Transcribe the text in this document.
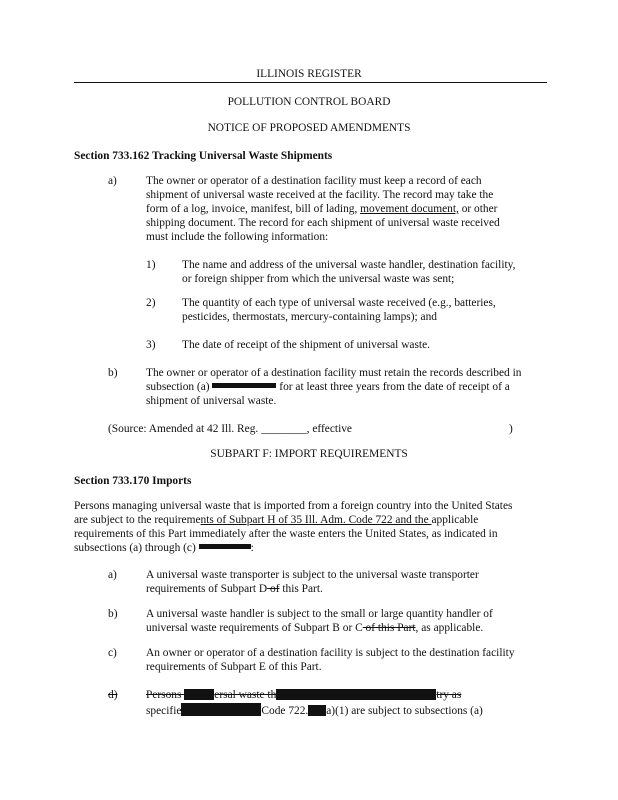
ILLINOIS REGISTER
POLLUTION CONTROL BOARD
NOTICE OF PROPOSED AMENDMENTS
Section 733.162 Tracking Universal Waste Shipments
a)	The owner or operator of a destination facility must keep a record of each
shipment of universal waste received at the facility. The record may take the
form of a log, invoice, manifest, bill of lading, movement document, or other
shipping document. The record for each shipment of universal waste received
must include the following information:
1) The name and address of the universal waste handler, destination facility,
or foreign shipper from which the universal waste was sent;
2) The quantity of each type of universal waste received (e.g., batteries,
pesticides, thermostats, mercury-containing lamps); and
3) The date of receipt of the shipment of universal waste.
b)	The owner or operator of a destination facility must retain the records described in
subsection (a)	for at least three years from the date of receipt of a
shipment of universal waste.
(Source: Amended at 42 Ill. Reg. ________, effective	)
SUBPART F: IMPORT REQUIREMENTS
Section 733.170 Imports
Persons managing universal waste that is imported from a foreign country into the United States
are subject to the requirements of Subpart H of 35 Ill. Adm. Code 722 and the applicable
requirements of this Part immediately after the waste enters the United States, as indicated in
subsections (a) through (c)	:
a)	A universal waste transporter is subject to the universal waste transporter
requirements of Subpart D of this Part.
b)	A universal waste handler is subject to the small or large quantity handler of
universal waste requirements of Subpart B or C of this Part, as applicable.
c)	An owner or operator of a destination facility is subject to the destination facility
requirements of Subpart E of this Part.
d)	Persons	ersal waste th	try as
specifie	Code 722. a)(1) are subject to subsections (a)
